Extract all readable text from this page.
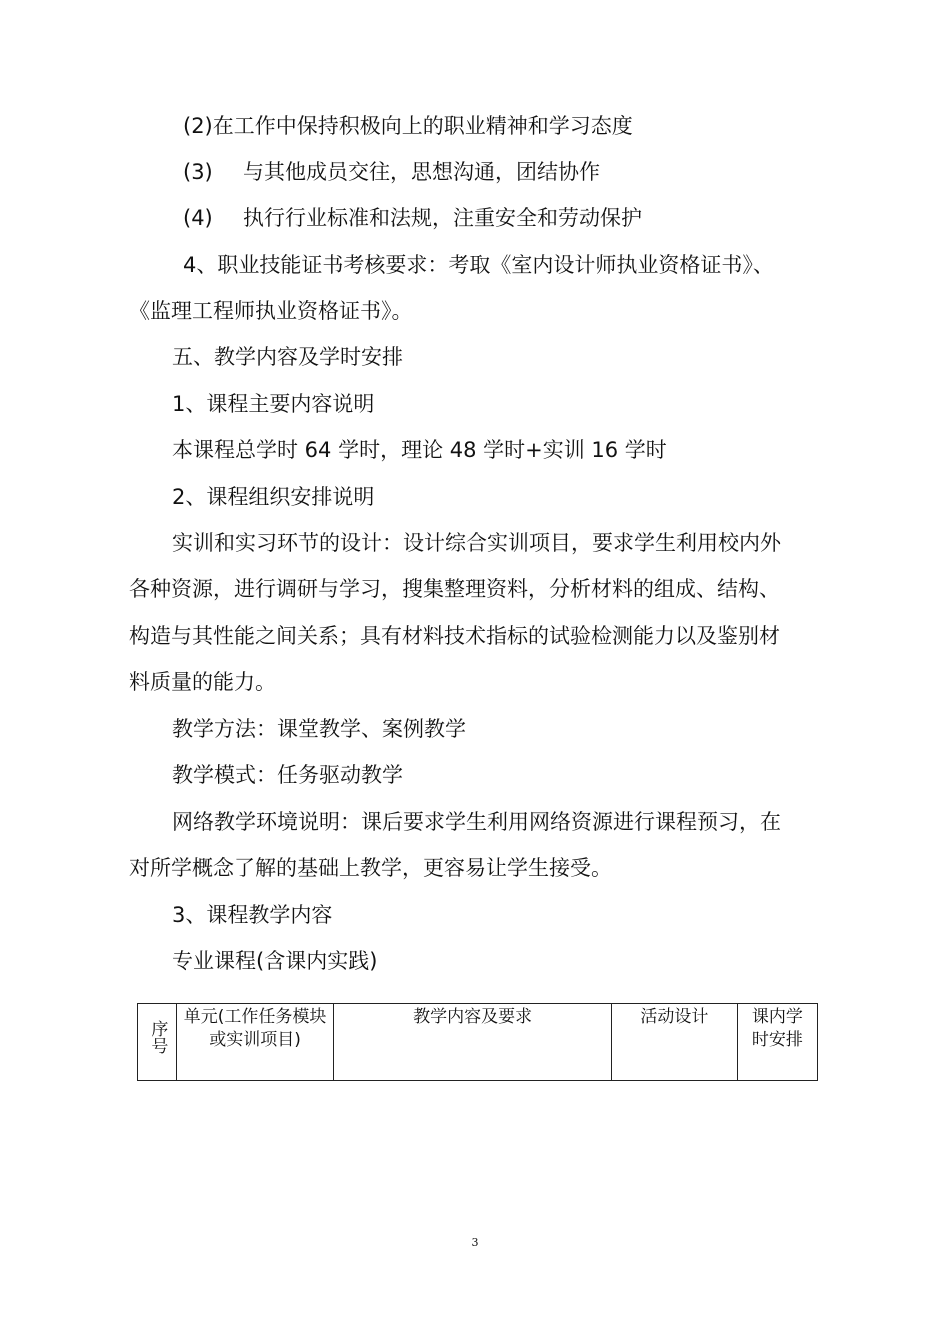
(2)在工作中保持积极向上的职业精神和学习态度
(3) 与其他成员交往，思想沟通，团结协作
(4) 执行行业标准和法规，注重安全和劳动保护
4、职业技能证书考核要求：考取《室内设计师执业资格证书》、
《监理工程师执业资格证书》。
五、教学内容及学时安排
1、课程主要内容说明
本课程总学时 64 学时，理论 48 学时+实训 16 学时
2、课程组织安排说明
实训和实习环节的设计：设计综合实训项目，要求学生利用校内外
各种资源，进行调研与学习，搜集整理资料，分析材料的组成、结构、
构造与其性能之间关系；具有材料技术指标的试验检测能力以及鉴别材
料质量的能力。
教学方法：课堂教学、案例教学
教学模式：任务驱动教学
网络教学环境说明：课后要求学生利用网络资源进行课程预习，在
对所学概念了解的基础上教学，更容易让学生接受。
3、课程教学内容
专业课程(含课内实践)
序号	单元(工作任务模块或实训项目)	教学内容及要求	活动设计	课内学时安排
3
